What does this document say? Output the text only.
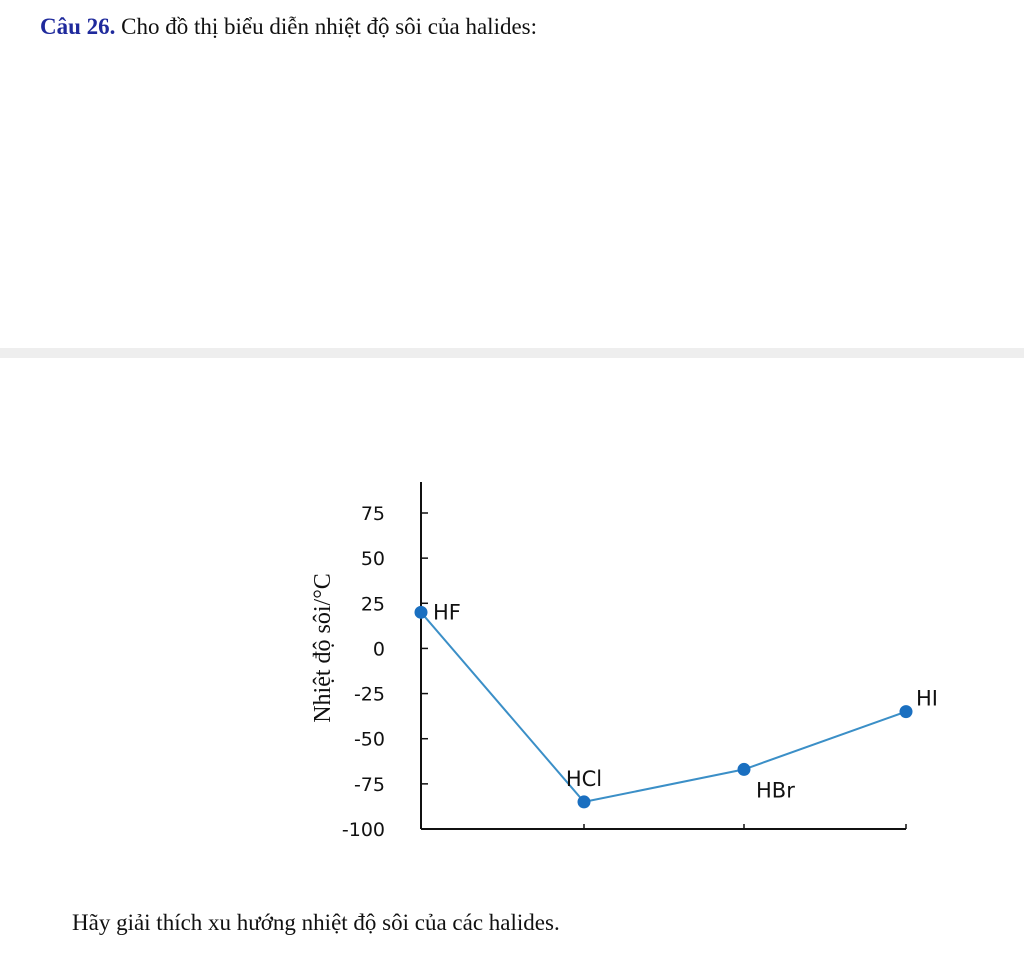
Câu 26. Cho đồ thị biểu diễn nhiệt độ sôi của halides:
75
50
25
0
-25
-50
-75
-100
Nhiệt độ sôi/°C	HF
HCl	HBr
HI
Hãy giải thích xu hướng nhiệt độ sôi của các halides.
